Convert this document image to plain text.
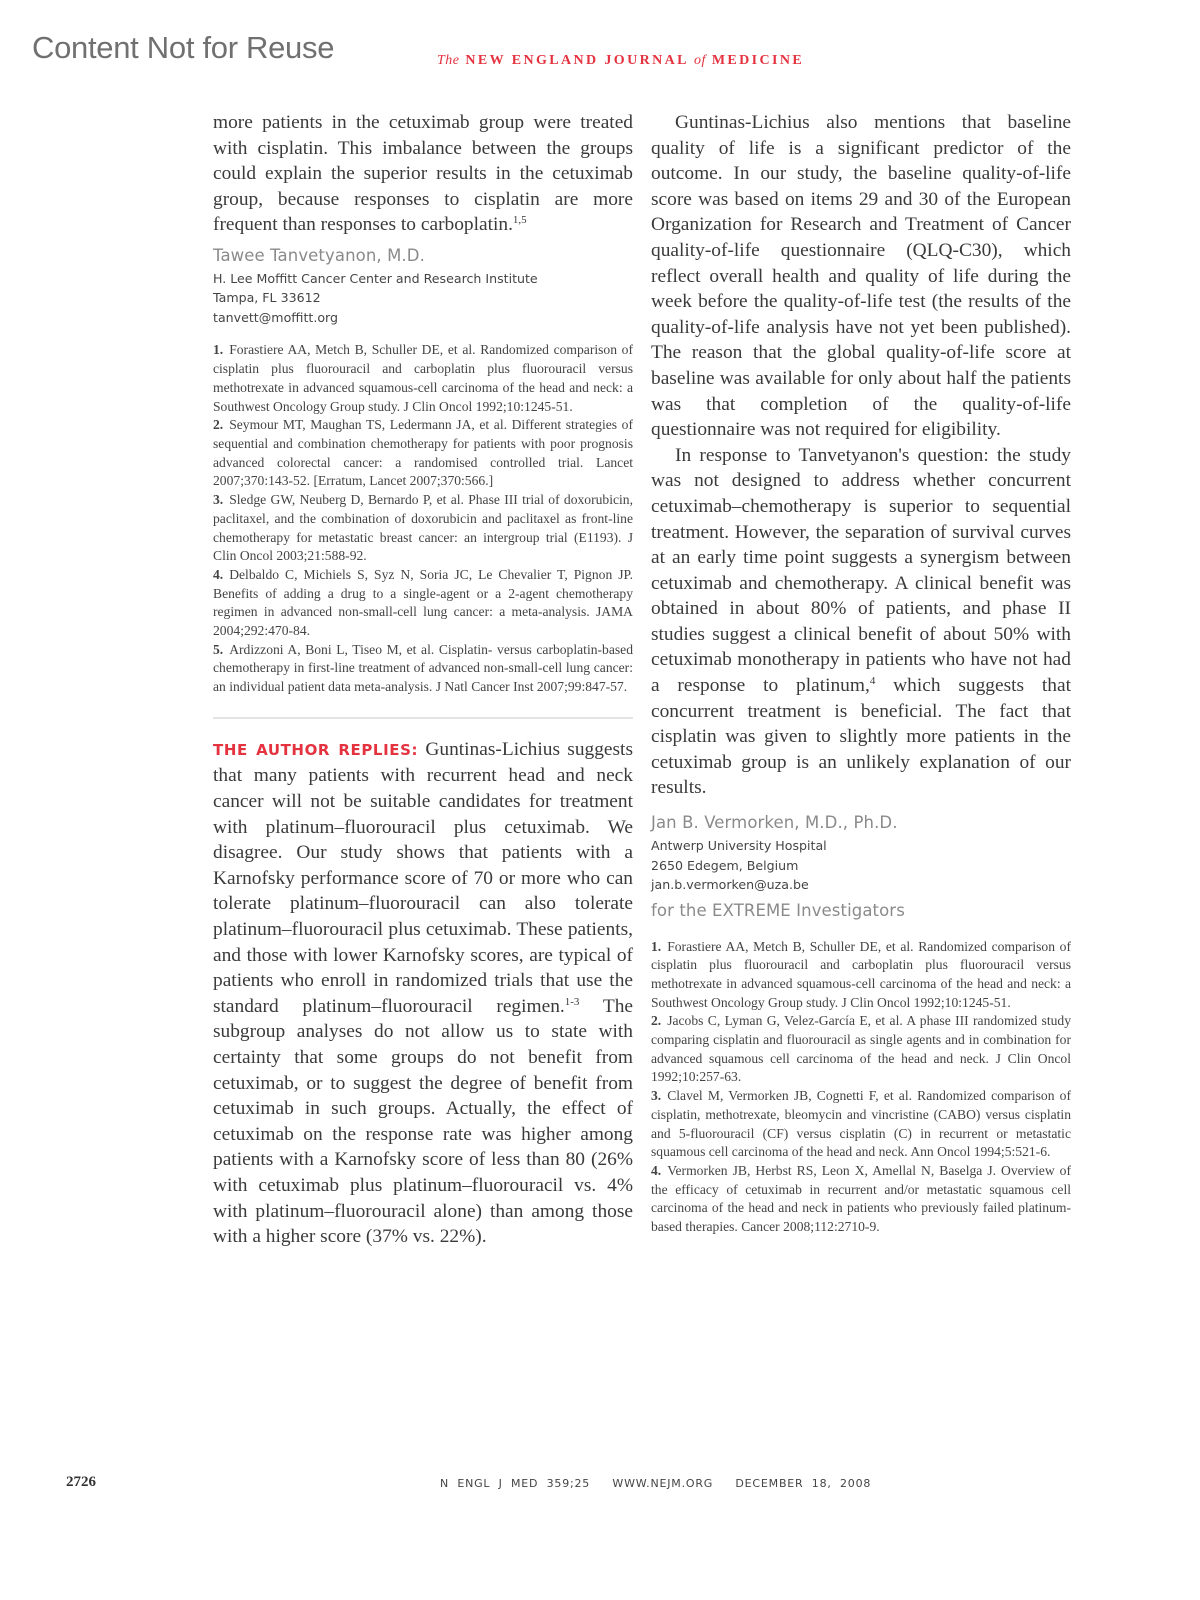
Content Not for Reuse	The NEW ENGLAND JOURNAL of MEDICINE

more patients in the cetuximab group were treated with cisplatin. This imbalance between the groups could explain the superior results in the cetuximab group, because responses to cisplatin are more frequent than responses to carboplatin.$^{1,5}$

Tawee Tanvetyanon, M.D.

H. Lee Moffitt Cancer Center and Research Institute

Tampa, FL 33612

tanvett@moffitt.org

1. Forastiere AA, Metch B, Schuller DE, et al. Randomized comparison of cisplatin plus fluorouracil and carboplatin plus fluorouracil versus methotrexate in advanced squamous-cell carcinoma of the head and neck: a Southwest Oncology Group study. J Clin Oncol 1992;10:1245-51.

2. Seymour MT, Maughan TS, Ledermann JA, et al. Different strategies of sequential and combination chemotherapy for patients with poor prognosis advanced colorectal cancer: a randomised controlled trial. Lancet 2007;370:143-52. [Erratum, Lancet 2007;370:566.]

3. Sledge GW, Neuberg D, Bernardo P, et al. Phase III trial of doxorubicin, paclitaxel, and the combination of doxorubicin and paclitaxel as front-line chemotherapy for metastatic breast cancer: an intergroup trial (E1193). J Clin Oncol 2003;21:588-92.

4. Delbaldo C, Michiels S, Syz N, Soria JC, Le Chevalier T, Pignon JP. Benefits of adding a drug to a single-agent or a 2-agent chemotherapy regimen in advanced non-small-cell lung cancer: a meta-analysis. JAMA 2004;292:470-84.

5. Ardizzoni A, Boni L, Tiseo M, et al. Cisplatin- versus carboplatin-based chemotherapy in first-line treatment of advanced non-small-cell lung cancer: an individual patient data meta-analysis. J Natl Cancer Inst 2007;99:847-57.

THE AUTHOR REPLIES: Guntinas-Lichius suggests that many patients with recurrent head and neck cancer will not be suitable candidates for treatment with platinum–fluorouracil plus cetuximab. We disagree. Our study shows that patients with a Karnofsky performance score of 70 or more who can tolerate platinum–fluorouracil can also tolerate platinum–fluorouracil plus cetuximab. These patients, and those with lower Karnofsky scores, are typical of patients who enroll in randomized trials that use the standard platinum–fluorouracil regimen.$^{1-3}$ The subgroup analyses do not allow us to state with certainty that some groups do not benefit from cetuximab, or to suggest the degree of benefit from cetuximab in such groups. Actually, the effect of cetuximab on the response rate was higher among patients with a Karnofsky score of less than 80 (26% with cetuximab plus platinum–fluorouracil vs. 4% with platinum–fluorouracil alone) than among those with a higher score (37% vs. 22%).

Guntinas-Lichius also mentions that baseline quality of life is a significant predictor of the outcome. In our study, the baseline quality-of-life score was based on items 29 and 30 of the European Organization for Research and Treatment of Cancer quality-of-life questionnaire (QLQ-C30), which reflect overall health and quality of life during the week before the quality-of-life test (the results of the quality-of-life analysis have not yet been published). The reason that the global quality-of-life score at baseline was available for only about half the patients was that completion of the quality-of-life questionnaire was not required for eligibility.

In response to Tanvetyanon's question: the study was not designed to address whether concurrent cetuximab–chemotherapy is superior to sequential treatment. However, the separation of survival curves at an early time point suggests a synergism between cetuximab and chemotherapy. A clinical benefit was obtained in about 80% of patients, and phase II studies suggest a clinical benefit of about 50% with cetuximab monotherapy in patients who have not had a response to platinum,$^4$ which suggests that concurrent treatment is beneficial. The fact that cisplatin was given to slightly more patients in the cetuximab group is an unlikely explanation of our results.

Jan B. Vermorken, M.D., Ph.D.

Antwerp University Hospital

2650 Edegem, Belgium

jan.b.vermorken@uza.be

for the EXTREME Investigators

1. Forastiere AA, Metch B, Schuller DE, et al. Randomized comparison of cisplatin plus fluorouracil and carboplatin plus fluorouracil versus methotrexate in advanced squamous-cell carcinoma of the head and neck: a Southwest Oncology Group study. J Clin Oncol 1992;10:1245-51.

2. Jacobs C, Lyman G, Velez-García E, et al. A phase III randomized study comparing cisplatin and fluorouracil as single agents and in combination for advanced squamous cell carcinoma of the head and neck. J Clin Oncol 1992;10:257-63.

3. Clavel M, Vermorken JB, Cognetti F, et al. Randomized comparison of cisplatin, methotrexate, bleomycin and vincristine (CABO) versus cisplatin and 5-fluorouracil (CF) versus cisplatin (C) in recurrent or metastatic squamous cell carcinoma of the head and neck. Ann Oncol 1994;5:521-6.

4. Vermorken JB, Herbst RS, Leon X, Amellal N, Baselga J. Overview of the efficacy of cetuximab in recurrent and/or metastatic squamous cell carcinoma of the head and neck in patients who previously failed platinum-based therapies. Cancer 2008;112:2710-9.

2726	N ENGL J MED 359;25 WWW.NEJM.ORG DECEMBER 18, 2008
